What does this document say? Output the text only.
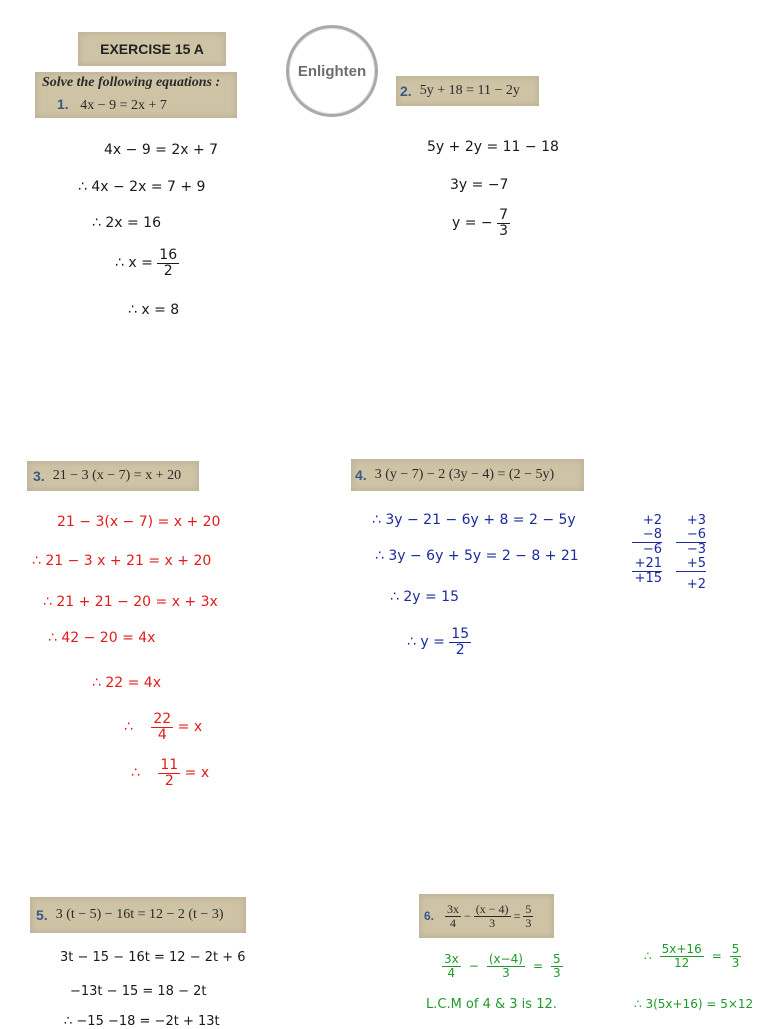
EXERCISE 15 A
Enlighten
Solve the following equations :
1. 4x − 9 = 2x + 7
4x − 9 = 2x + 7
∴ 4x − 2x = 7 + 9
∴ 2x = 16
∴ $x = \frac{16}{2}$
∴ x = 8
2. 5y + 18 = 11 − 2y
5y + 2y = 11 − 18
3y = −7
y = − $\frac{7}{3}$
3. 21 − 3 (x − 7) = x + 20
21 − 3(x − 7) = x + 20
∴ 21 − 3 x + 21 = x + 20
∴ 21 + 21 − 20 = x + 3x
∴ 42 − 20 = 4x
∴ 22 = 4x
∴ $\frac{22}{4} = x$
∴ $\frac{11}{2} = x$
4. 3 (y − 7) − 2 (3y − 4) = (2 − 5y)
∴ 3y − 21 − 6y + 8 = 2 − 5y
∴ 3y − 6y + 5y = 2 − 8 + 21
∴ 2y = 15
∴ $y = \frac{15}{2}$
+2
−8
−6
+21
+15
+3
−6
−3
+5
+2
5. 3 (t − 5) − 16t = 12 − 2 (t − 3)
3t − 15 − 16t = 12 − 2t + 6
−13t − 15 = 18 − 2t
∴ −15 −18 = −2t + 13t
6. $\frac{3x}{4} - \frac{(x - 4)}{3} = \frac{5}{3}$
$\frac{3x}{4} - \frac{(x-4)}{3} = \frac{5}{3}$
L.C.M of 4 & 3 is 12.
∴ $\frac{5x+16}{12} = \frac{5}{3}$
∴ 3(5x+16) = 5×12
